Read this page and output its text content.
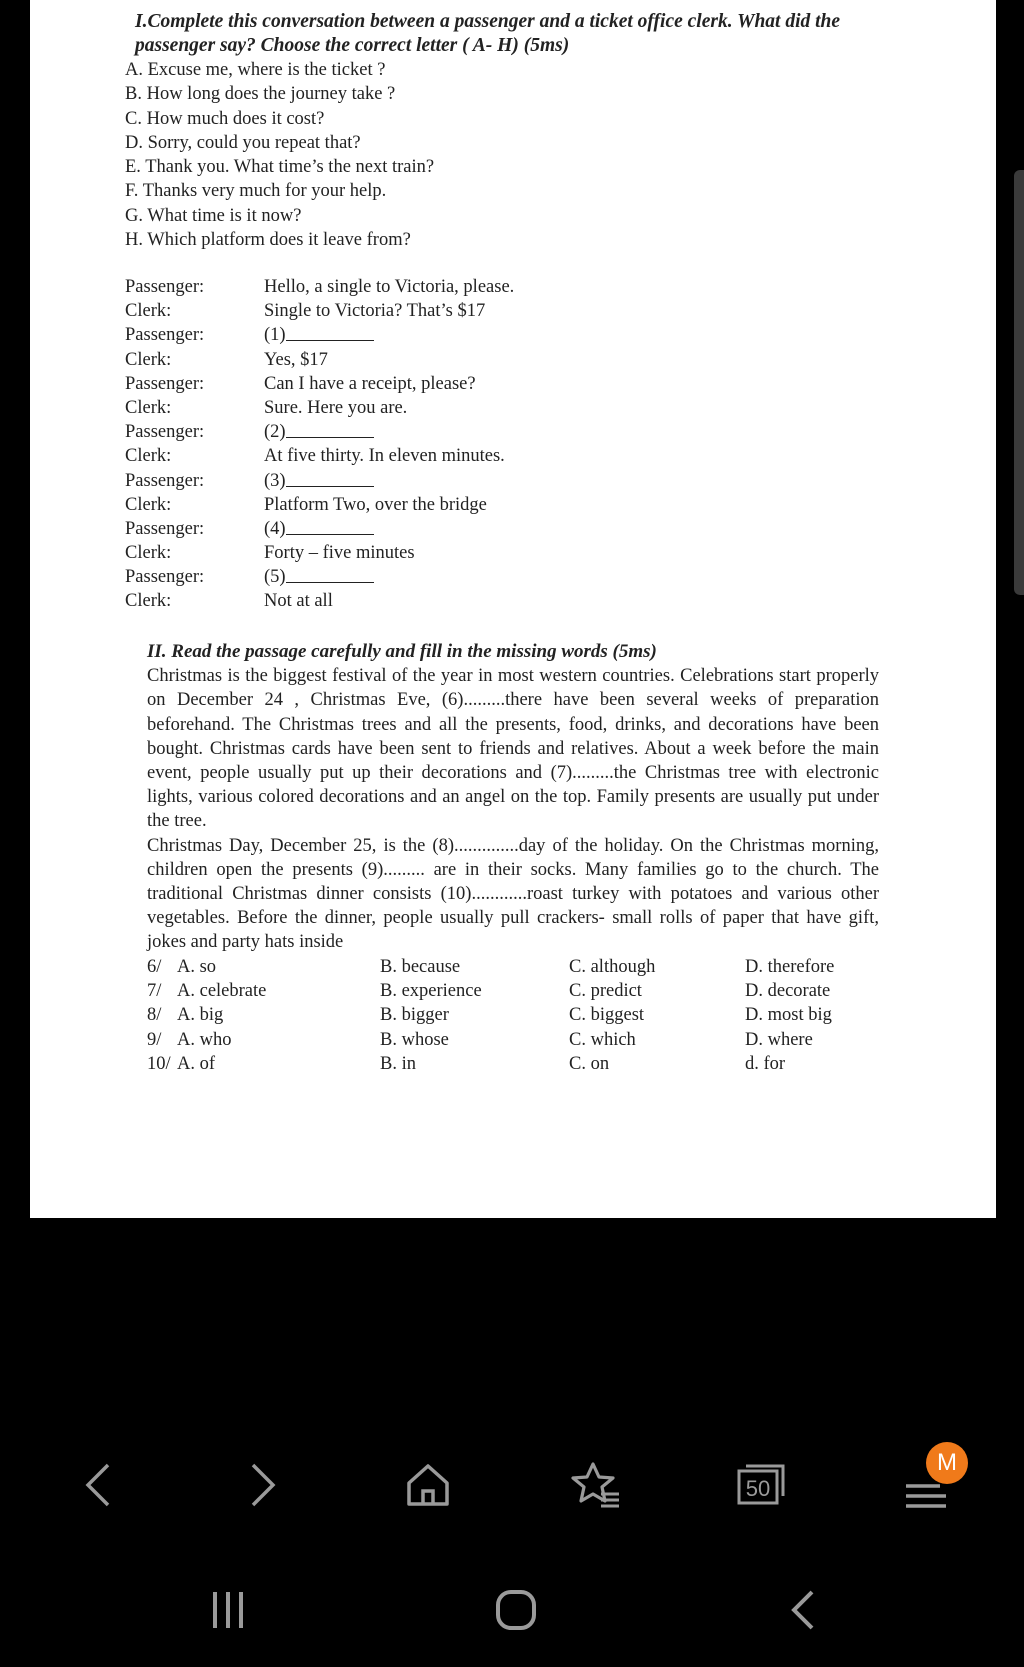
I.Complete this conversation between a passenger and a ticket office clerk. What did the passenger say? Choose the correct letter ( A- H) (5ms)
A. Excuse me, where is the ticket ?
B. How long does the journey take ?
C. How much does it cost?
D. Sorry, could you repeat that?
E. Thank you. What time’s the next train?
F. Thanks very much for your help.
G. What time is it now?
H. Which platform does it leave from?
Passenger:	Hello, a single to Victoria, please.
Clerk:	Single to Victoria? That’s $17
Passenger:	(1)
Clerk:	Yes, $17
Passenger:	Can I have a receipt, please?
Clerk:	Sure. Here you are.
Passenger:	(2)
Clerk:	At five thirty. In eleven minutes.
Passenger:	(3)
Clerk:	Platform Two, over the bridge
Passenger:	(4)
Clerk:	Forty – five minutes
Passenger:	(5)
Clerk:	Not at all
II. Read the passage carefully and fill in the missing words (5ms)

Christmas is the biggest festival of the year in most western countries. Celebrations start properly on December 24 , Christmas Eve, (6).........there have been several weeks of preparation beforehand. The Christmas trees and all the presents, food, drinks, and decorations have been bought. Christmas cards have been sent to friends and relatives. About a week before the main event, people usually put up their decorations and (7).........the Christmas tree with electronic lights, various colored decorations and an angel on the top. Family presents are usually put under the tree.

Christmas Day, December 25, is the (8)..............day of the holiday. On the Christmas morning, children open the presents (9)......... are in their socks. Many families go to the church. The traditional Christmas dinner consists (10)............roast turkey with potatoes and various other vegetables. Before the dinner, people usually pull crackers- small rolls of paper that have gift, jokes and party hats inside

6/ A. so	B. because	C. although	D. therefore
7/ A. celebrate	B. experience	C. predict	D. decorate
8/ A. big	B. bigger	C. biggest	D. most big
9/ A. who	B. whose	C. which	D. where
10/ A. of	B. in	C. on	d. for
50
M
